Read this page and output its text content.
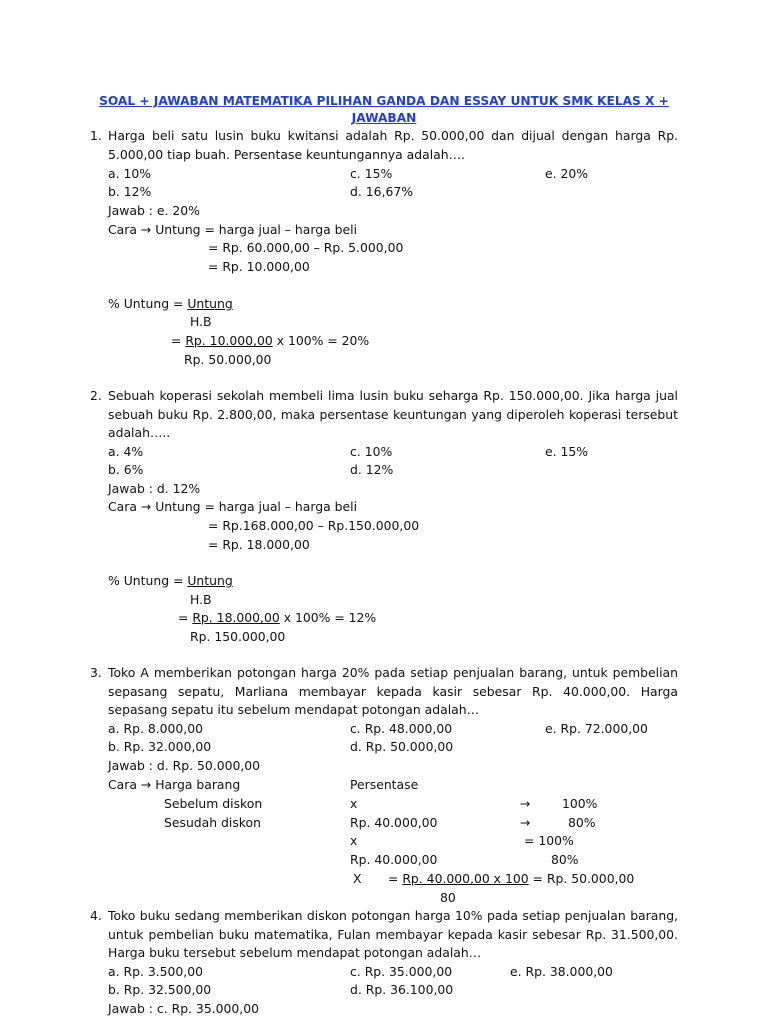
SOAL + JAWABAN MATEMATIKA PILIHAN GANDA DAN ESSAY UNTUK SMK KELAS X + JAWABAN
1. Harga beli satu lusin buku kwitansi adalah Rp. 50.000,00 dan dijual dengan harga Rp. 5.000,00 tiap buah. Persentase keuntungannya adalah….
a. 10%	c. 15%	e. 20%
b. 12%	d. 16,67%
Jawab : e. 20%
Cara → Untung = harga jual – harga beli
= Rp. 60.000,00 – Rp. 5.000,00
= Rp. 10.000,00
% Untung = Untung
H.B
= Rp. 10.000,00 x 100% = 20%
Rp. 50.000,00
2. Sebuah koperasi sekolah membeli lima lusin buku seharga Rp. 150.000,00. Jika harga jual sebuah buku Rp. 2.800,00, maka persentase keuntungan yang diperoleh koperasi tersebut adalah…..
a. 4%	c. 10%	e. 15%
b. 6%	d. 12%
Jawab : d. 12%
Cara → Untung = harga jual – harga beli
= Rp.168.000,00 – Rp.150.000,00
= Rp. 18.000,00
% Untung = Untung
H.B
= Rp. 18.000,00 x 100% = 12%
Rp. 150.000,00
3. Toko A memberikan potongan harga 20% pada setiap penjualan barang, untuk pembelian sepasang sepatu, Marliana membayar kepada kasir sebesar Rp. 40.000,00. Harga sepasang sepatu itu sebelum mendapat potongan adalah…
a. Rp. 8.000,00	c. Rp. 48.000,00	e. Rp. 72.000,00
b. Rp. 32.000,00	d. Rp. 50.000,00
Jawab : d. Rp. 50.000,00
Cara → Harga barang	Persentase
Sebelum diskon	x	→	100%
Sesudah diskon	Rp. 40.000,00	→	80%
x	= 100%
Rp. 40.000,00	80%
X = Rp. 40.000,00 x 100 = Rp. 50.000,00
80
4. Toko buku sedang memberikan diskon potongan harga 10% pada setiap penjualan barang, untuk pembelian buku matematika, Fulan membayar kepada kasir sebesar Rp. 31.500,00. Harga buku tersebut sebelum mendapat potongan adalah…
a. Rp. 3.500,00	c. Rp. 35.000,00	e. Rp. 38.000,00
b. Rp. 32.500,00	d. Rp. 36.100,00
Jawab : c. Rp. 35.000,00
